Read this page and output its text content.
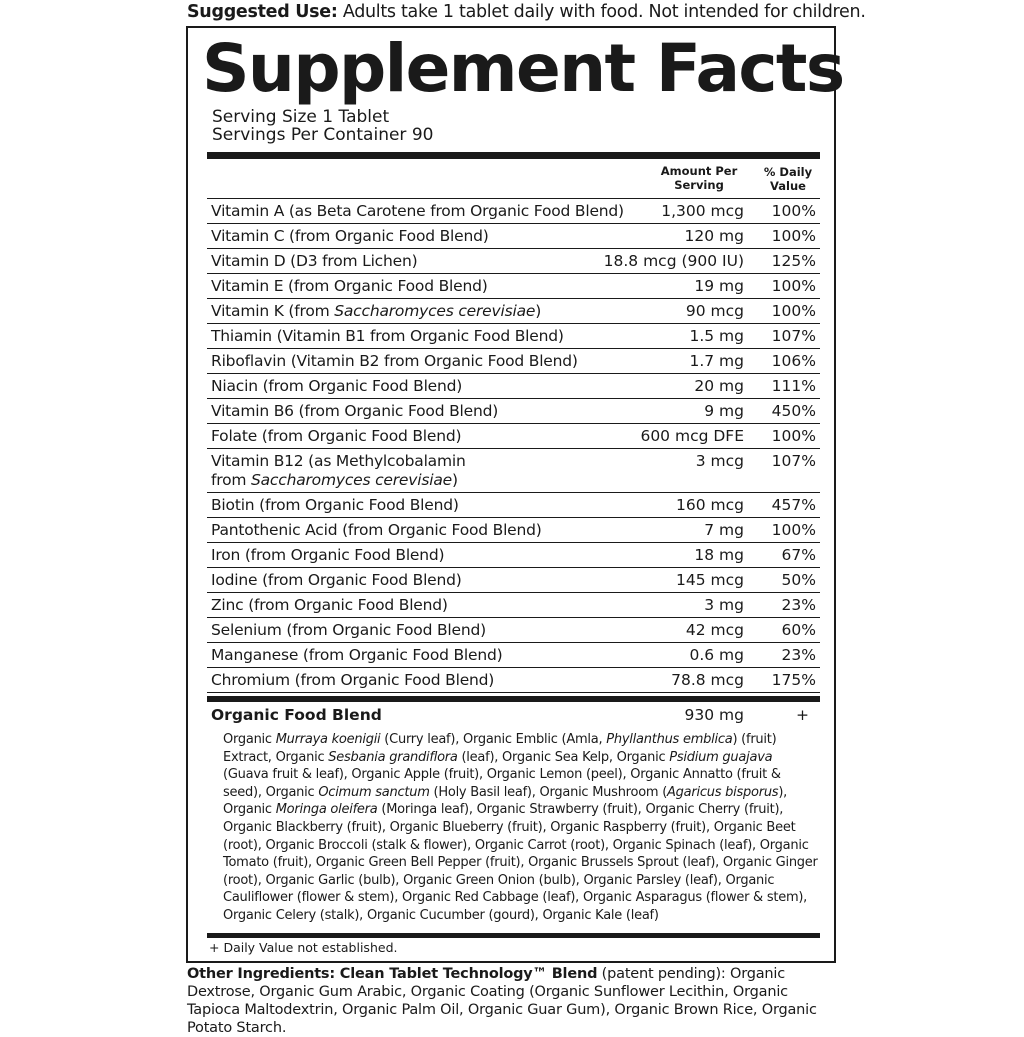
Suggested Use: Adults take 1 tablet daily with food. Not intended for children.
Supplement Facts
Serving Size 1 Tablet
Servings Per Container 90
Amount Per Serving
% Daily Value
Vitamin A (as Beta Carotene from Organic Food Blend) 1,300 mcg 100%
Vitamin C (from Organic Food Blend)	120 mg 100%
Vitamin D (D3 from Lichen)	18.8 mcg (900 IU) 125%
Vitamin E (from Organic Food Blend)	19 mg 100%
Vitamin K (from Saccharomyces cerevisiae)	90 mcg 100%
Thiamin (Vitamin B1 from Organic Food Blend)	1.5 mg 107%
Riboflavin (Vitamin B2 from Organic Food Blend)	1.7 mg 106%
Niacin (from Organic Food Blend)	20 mg 111%
Vitamin B6 (from Organic Food Blend)	9 mg 450%
Folate (from Organic Food Blend)	600 mcg DFE 100%
Vitamin B12 (as Methylcobalamin
from Saccharomyces cerevisiae)
3 mcg 107%
Biotin (from Organic Food Blend)	160 mcg 457%
Pantothenic Acid (from Organic Food Blend)	7 mg 100%
Iron (from Organic Food Blend)	18 mg 67%
Iodine (from Organic Food Blend)	145 mcg 50%
Zinc (from Organic Food Blend)	3 mg 23%
Selenium (from Organic Food Blend)	42 mcg 60%
Manganese (from Organic Food Blend)	0.6 mg 23%
Chromium (from Organic Food Blend)	78.8 mcg 175%
Organic Food Blend	930 mg	+
Organic Murraya koenigii (Curry leaf), Organic Emblic (Amla, Phyllanthus emblica) (fruit) Extract, Organic Sesbania grandiflora (leaf), Organic Sea Kelp, Organic Psidium guajava (Guava fruit & leaf), Organic Apple (fruit), Organic Lemon (peel), Organic Annatto (fruit & seed), Organic Ocimum sanctum (Holy Basil leaf), Organic Mushroom (Agaricus bisporus), Organic Moringa oleifera (Moringa leaf), Organic Strawberry (fruit), Organic Cherry (fruit), Organic Blackberry (fruit), Organic Blueberry (fruit), Organic Raspberry (fruit), Organic Beet (root), Organic Broccoli (stalk & flower), Organic Carrot (root), Organic Spinach (leaf), Organic Tomato (fruit), Organic Green Bell Pepper (fruit), Organic Brussels Sprout (leaf), Organic Ginger (root), Organic Garlic (bulb), Organic Green Onion (bulb), Organic Parsley (leaf), Organic Cauliflower (flower & stem), Organic Red Cabbage (leaf), Organic Asparagus (flower & stem), Organic Celery (stalk), Organic Cucumber (gourd), Organic Kale (leaf)
+ Daily Value not established.
Other Ingredients: Clean Tablet Technology™ Blend (patent pending): Organic Dextrose, Organic Gum Arabic, Organic Coating (Organic Sunflower Lecithin, Organic Tapioca Maltodextrin, Organic Palm Oil, Organic Guar Gum), Organic Brown Rice, Organic Potato Starch.
